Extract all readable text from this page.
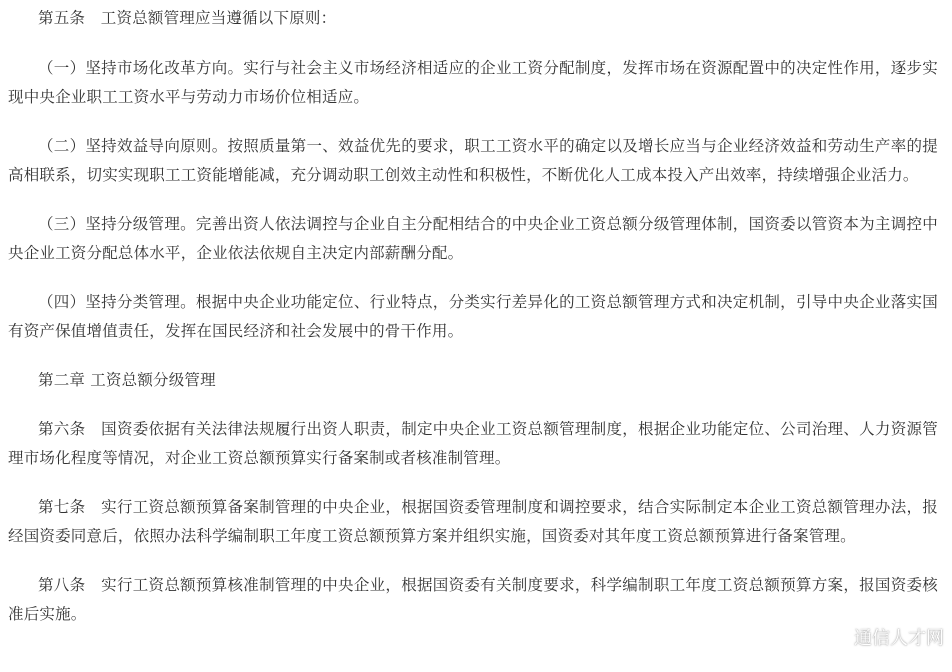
第五条　工资总额管理应当遵循以下原则：

（一）坚持市场化改革方向。实行与社会主义市场经济相适应的企业工资分配制度，发挥市场在资源配置中的决定性作用，逐步实现中央企业职工工资水平与劳动力市场价位相适应。

（二）坚持效益导向原则。按照质量第一、效益优先的要求，职工工资水平的确定以及增长应当与企业经济效益和劳动生产率的提高相联系，切实实现职工工资能增能减，充分调动职工创效主动性和积极性，不断优化人工成本投入产出效率，持续增强企业活力。

（三）坚持分级管理。完善出资人依法调控与企业自主分配相结合的中央企业工资总额分级管理体制，国资委以管资本为主调控中央企业工资分配总体水平，企业依法依规自主决定内部薪酬分配。

（四）坚持分类管理。根据中央企业功能定位、行业特点，分类实行差异化的工资总额管理方式和决定机制，引导中央企业落实国有资产保值增值责任，发挥在国民经济和社会发展中的骨干作用。

第二章 工资总额分级管理

第六条　国资委依据有关法律法规履行出资人职责，制定中央企业工资总额管理制度，根据企业功能定位、公司治理、人力资源管理市场化程度等情况，对企业工资总额预算实行备案制或者核准制管理。

第七条　实行工资总额预算备案制管理的中央企业，根据国资委管理制度和调控要求，结合实际制定本企业工资总额管理办法，报经国资委同意后，依照办法科学编制职工年度工资总额预算方案并组织实施，国资委对其年度工资总额预算进行备案管理。

第八条　实行工资总额预算核准制管理的中央企业，根据国资委有关制度要求，科学编制职工年度工资总额预算方案，报国资委核准后实施。

通信人才网
